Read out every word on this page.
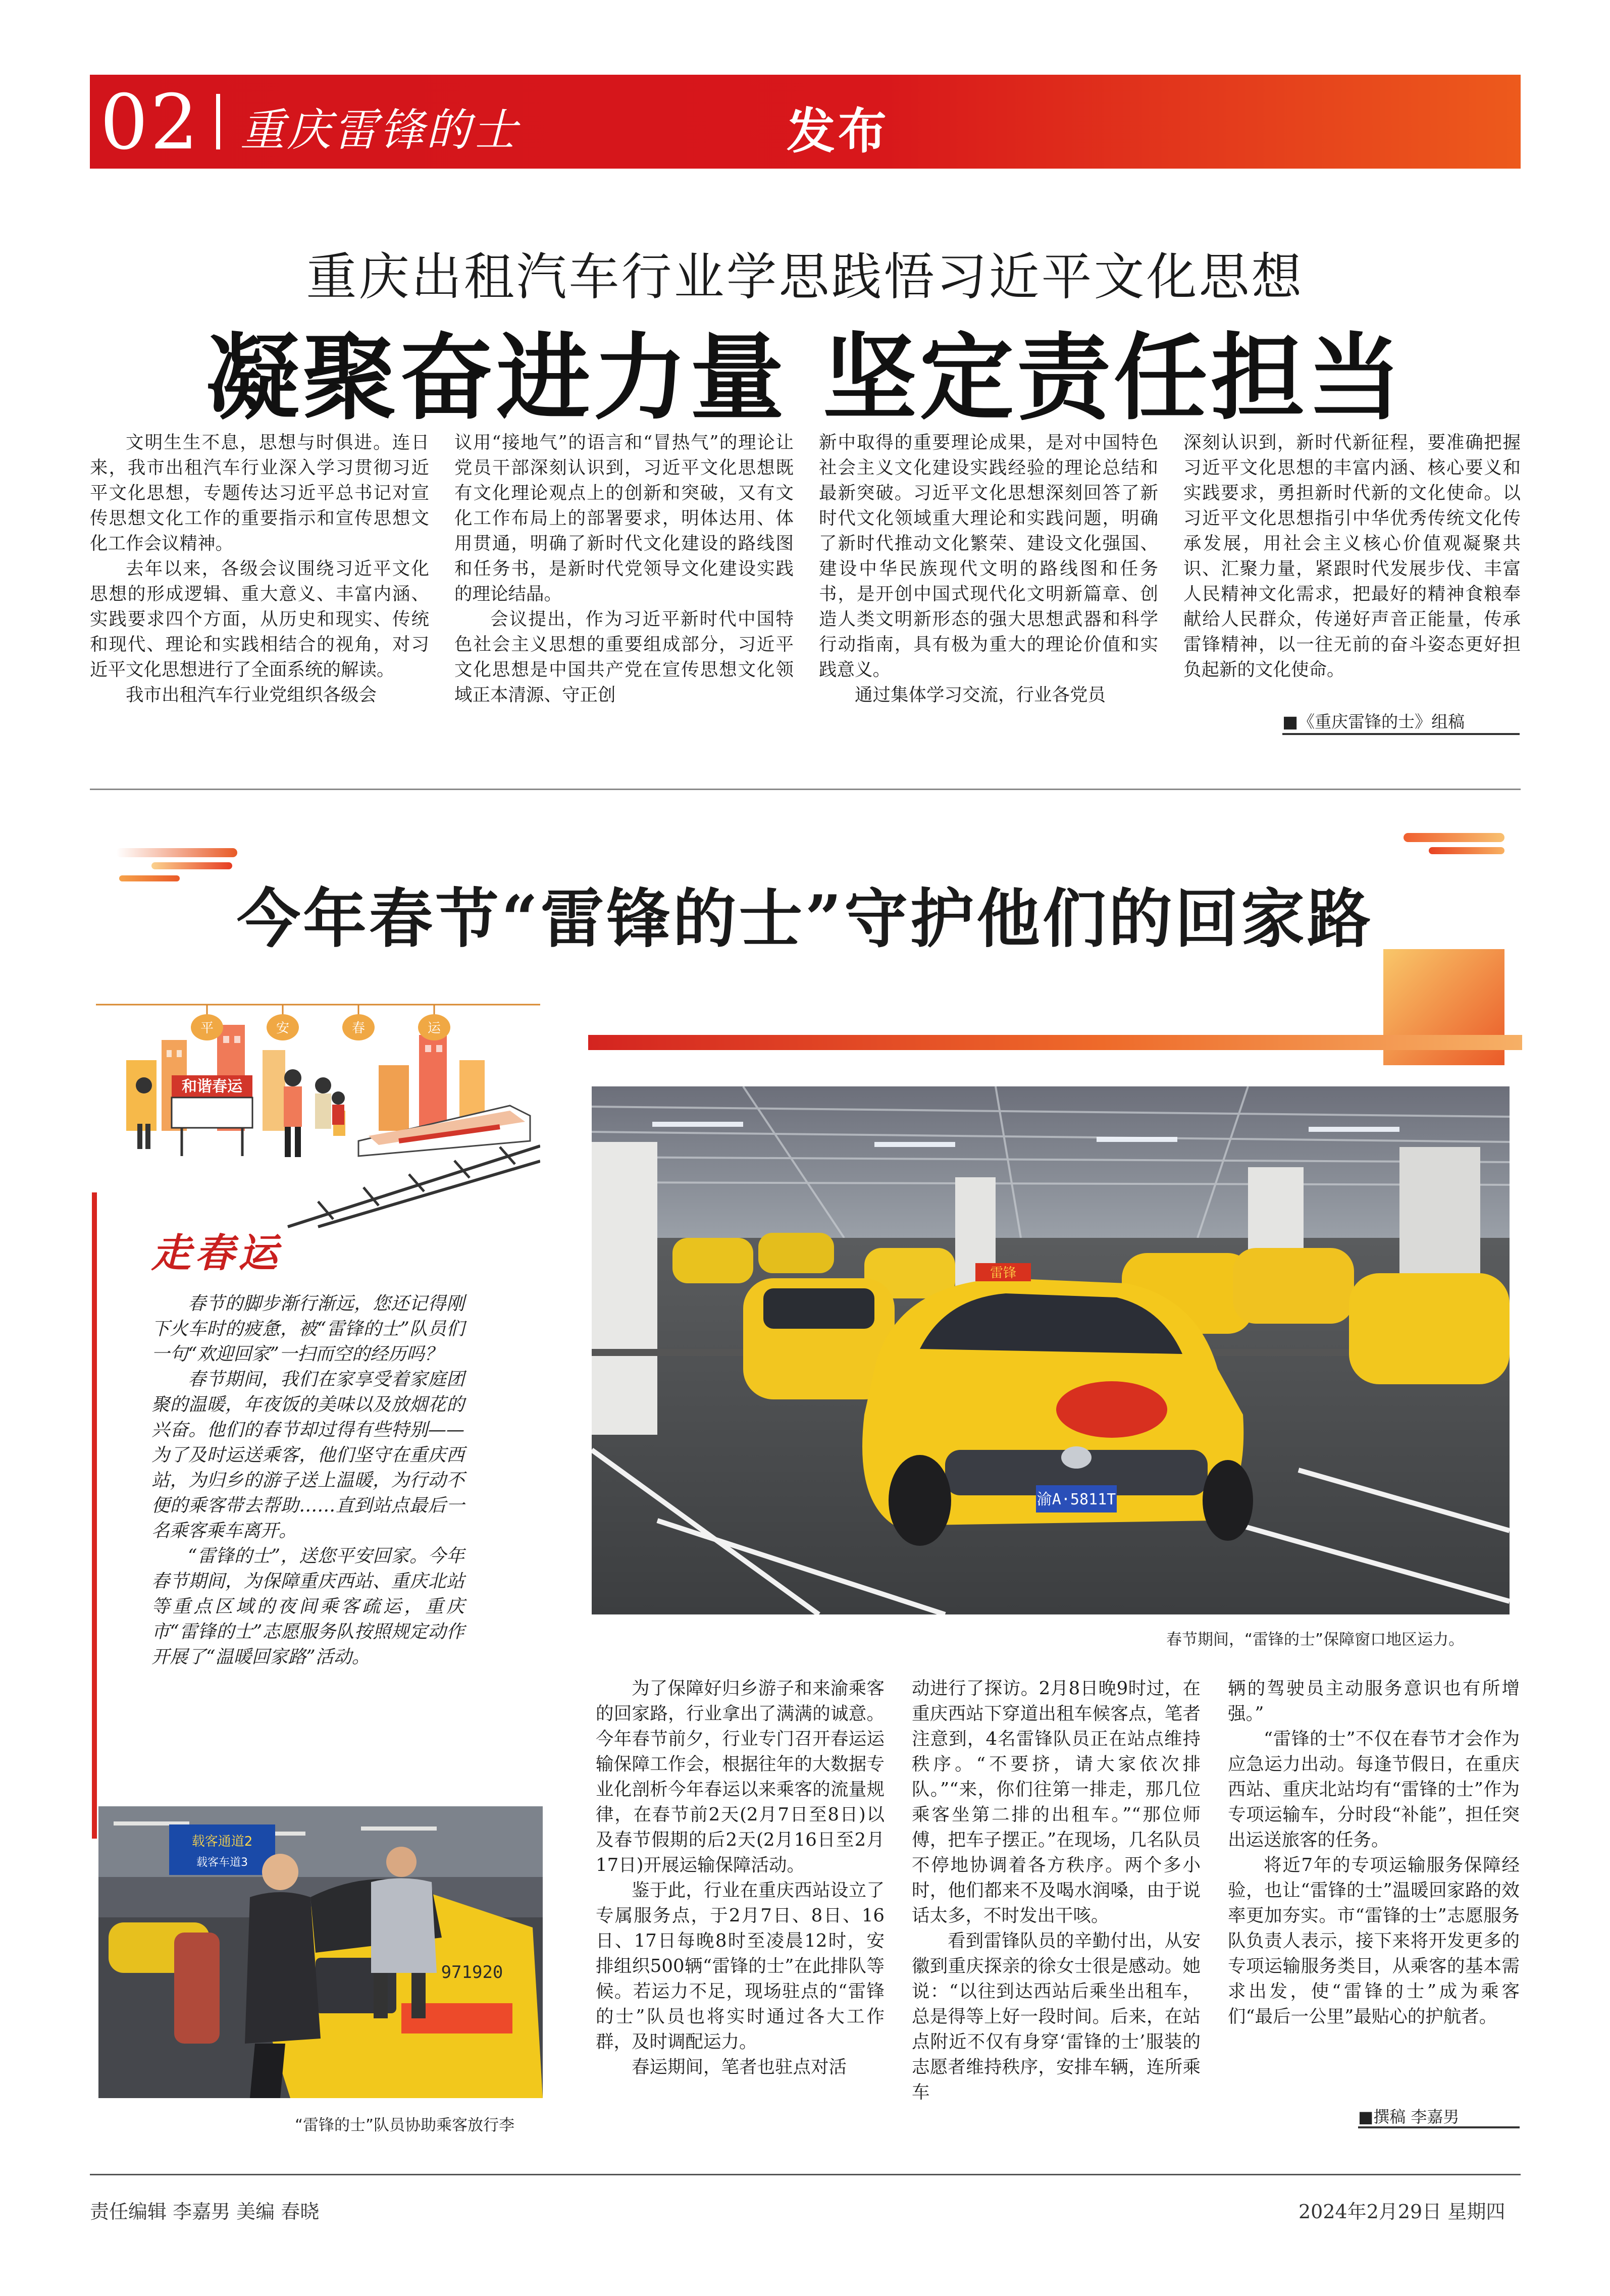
02 重庆雷锋的士	发布
重庆出租汽车行业学思践悟习近平文化思想
凝聚奋进力量 坚定责任担当

文明生生不息，思想与时俱进。连日来，我市出租汽车行业深入学习贯彻习近平文化思想，专题传达习近平总书记对宣传思想文化工作的重要指示和宣传思想文化工作会议精神。

去年以来，各级会议围绕习近平文化思想的形成逻辑、重大意义、丰富内涵、实践要求四个方面，从历史和现实、传统和现代、理论和实践相结合的视角，对习近平文化思想进行了全面系统的解读。

我市出租汽车行业党组织各级会

议用“接地气”的语言和“冒热气”的理论让党员干部深刻认识到，习近平文化思想既有文化理论观点上的创新和突破，又有文化工作布局上的部署要求，明体达用、体用贯通，明确了新时代文化建设的路线图和任务书，是新时代党领导文化建设实践的理论结晶。

会议提出，作为习近平新时代中国特色社会主义思想的重要组成部分，习近平文化思想是中国共产党在宣传思想文化领域正本清源、守正创

新中取得的重要理论成果，是对中国特色社会主义文化建设实践经验的理论总结和最新突破。习近平文化思想深刻回答了新时代文化领域重大理论和实践问题，明确了新时代推动文化繁荣、建设文化强国、建设中华民族现代文明的路线图和任务书，是开创中国式现代化文明新篇章、创造人类文明新形态的强大思想武器和科学行动指南，具有极为重大的理论价值和实践意义。

通过集体学习交流，行业各党员

深刻认识到，新时代新征程，要准确把握习近平文化思想的丰富内涵、核心要义和实践要求，勇担新时代新的文化使命。以习近平文化思想指引中华优秀传统文化传承发展，用社会主义核心价值观凝聚共识、汇聚力量，紧跟时代发展步伐、丰富人民精神文化需求，把最好的精神食粮奉献给人民群众，传递好声音正能量，传承雷锋精神，以一往无前的奋斗姿态更好担负起新的文化使命。

■《重庆雷锋的士》组稿
今年春节“雷锋的士”守护他们的回家路
平	安	春	运
和谐春运
走春运

春节的脚步渐行渐远，您还记得刚下火车时的疲惫，被“雷锋的士”队员们一句“欢迎回家”一扫而空的经历吗？

春节期间，我们在家享受着家庭团聚的温暖，年夜饭的美味以及放烟花的兴奋。他们的春节却过得有些特别——为了及时运送乘客，他们坚守在重庆西站，为归乡的游子送上温暖，为行动不便的乘客带去帮助……直到站点最后一名乘客乘车离开。

“雷锋的士”，送您平安回家。今年春节期间，为保障重庆西站、重庆北站等重点区域的夜间乘客疏运，重庆市“雷锋的士”志愿服务队按照规定动作开展了“温暖回家路”活动。

雷锋
渝A·5811T
春节期间，“雷锋的士”保障窗口地区运力。

为了保障好归乡游子和来渝乘客的回家路，行业拿出了满满的诚意。今年春节前夕，行业专门召开春运运输保障工作会，根据往年的大数据专业化剖析今年春运以来乘客的流量规律，在春节前2天(2月7日至8日)以及春节假期的后2天(2月16日至2月17日)开展运输保障活动。

鉴于此，行业在重庆西站设立了专属服务点，于2月7日、8日、16日、17日每晚8时至凌晨12时，安排组织500辆“雷锋的士”在此排队等候。若运力不足，现场驻点的“雷锋的士”队员也将实时通过各大工作群，及时调配运力。

春运期间，笔者也驻点对活

动进行了探访。2月8日晚9时过，在重庆西站下穿道出租车候客点，笔者注意到，4名雷锋队员正在站点维持秩序。“不要挤，请大家依次排队。”“来，你们往第一排走，那几位乘客坐第二排的出租车。”“那位师傅，把车子摆正。”在现场，几名队员不停地协调着各方秩序。两个多小时，他们都来不及喝水润嗓，由于说话太多，不时发出干咳。

看到雷锋队员的辛勤付出，从安徽到重庆探亲的徐女士很是感动。她说：“以往到达西站后乘坐出租车，总是得等上好一段时间。后来，在站点附近不仅有身穿‘雷锋的士’服装的志愿者维持秩序，安排车辆，连所乘车

辆的驾驶员主动服务意识也有所增强。”

“雷锋的士”不仅在春节才会作为应急运力出动。每逢节假日，在重庆西站、重庆北站均有“雷锋的士”作为专项运输车，分时段“补能”，担任突出运送旅客的任务。

将近7年的专项运输服务保障经验，也让“雷锋的士”温暖回家路的效率更加夯实。市“雷锋的士”志愿服务队负责人表示，接下来将开发更多的专项运输服务类目，从乘客的基本需求出发，使“雷锋的士”成为乘客们“最后一公里”最贴心的护航者。

载客通道2
载客车道3
971920
“雷锋的士”队员协助乘客放行李	■撰稿 李嘉男
责任编辑 李嘉男 美编 春晓	2024年2月29日 星期四
